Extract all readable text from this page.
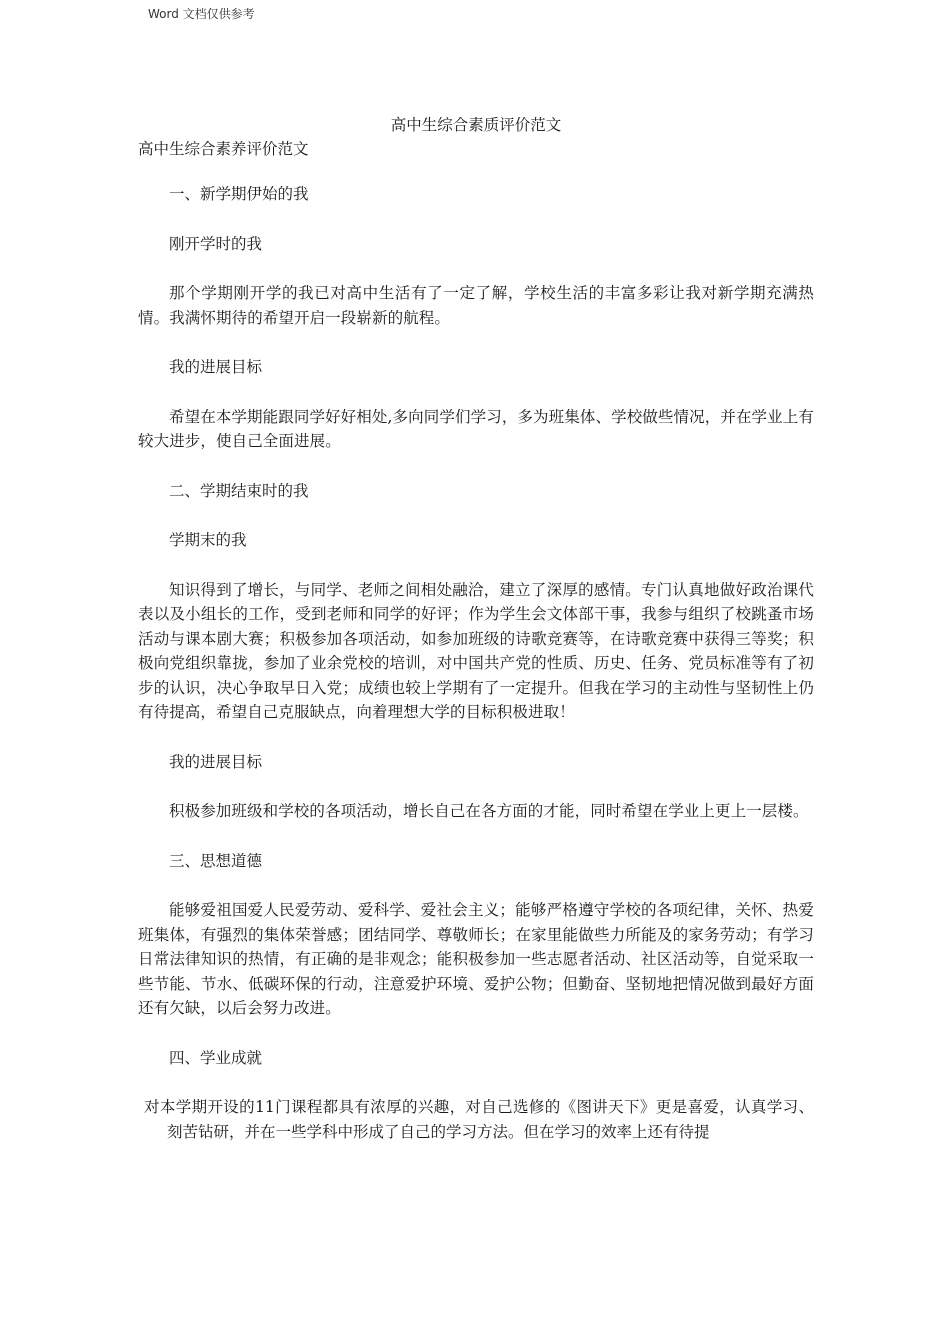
Word 文档仅供参考
高中生综合素质评价范文

高中生综合素养评价范文

一、新学期伊始的我

刚开学时的我

那个学期刚开学的我已对高中生活有了一定了解，学校生活的丰富多彩让我对新学期充满热情。我满怀期待的希望开启一段崭新的航程。

我的进展目标

希望在本学期能跟同学好好相处,多向同学们学习，多为班集体、学校做些情况，并在学业上有较大进步，使自己全面进展。

二、学期结束时的我

学期末的我

知识得到了增长，与同学、老师之间相处融洽，建立了深厚的感情。专门认真地做好政治课代表以及小组长的工作，受到老师和同学的好评；作为学生会文体部干事，我参与组织了校跳蚤市场活动与课本剧大赛；积极参加各项活动，如参加班级的诗歌竞赛等，在诗歌竞赛中获得三等奖；积极向党组织靠拢，参加了业余党校的培训，对中国共产党的性质、历史、任务、党员标准等有了初步的认识，决心争取早日入党；成绩也较上学期有了一定提升。但我在学习的主动性与坚韧性上仍有待提高，希望自己克服缺点，向着理想大学的目标积极进取！

我的进展目标

积极参加班级和学校的各项活动，增长自己在各方面的才能，同时希望在学业上更上一层楼。

三、思想道德

能够爱祖国爱人民爱劳动、爱科学、爱社会主义；能够严格遵守学校的各项纪律，关怀、热爱班集体，有强烈的集体荣誉感；团结同学、尊敬师长；在家里能做些力所能及的家务劳动；有学习日常法律知识的热情，有正确的是非观念；能积极参加一些志愿者活动、社区活动等，自觉采取一些节能、节水、低碳环保的行动，注意爱护环境、爱护公物；但勤奋、坚韧地把情况做到最好方面还有欠缺，以后会努力改进。

四、学业成就

对本学期开设的11门课程都具有浓厚的兴趣，对自己选修的《图讲天下》更是喜爱，认真学习、刻苦钻研，并在一些学科中形成了自己的学习方法。但在学习的效率上还有待提
